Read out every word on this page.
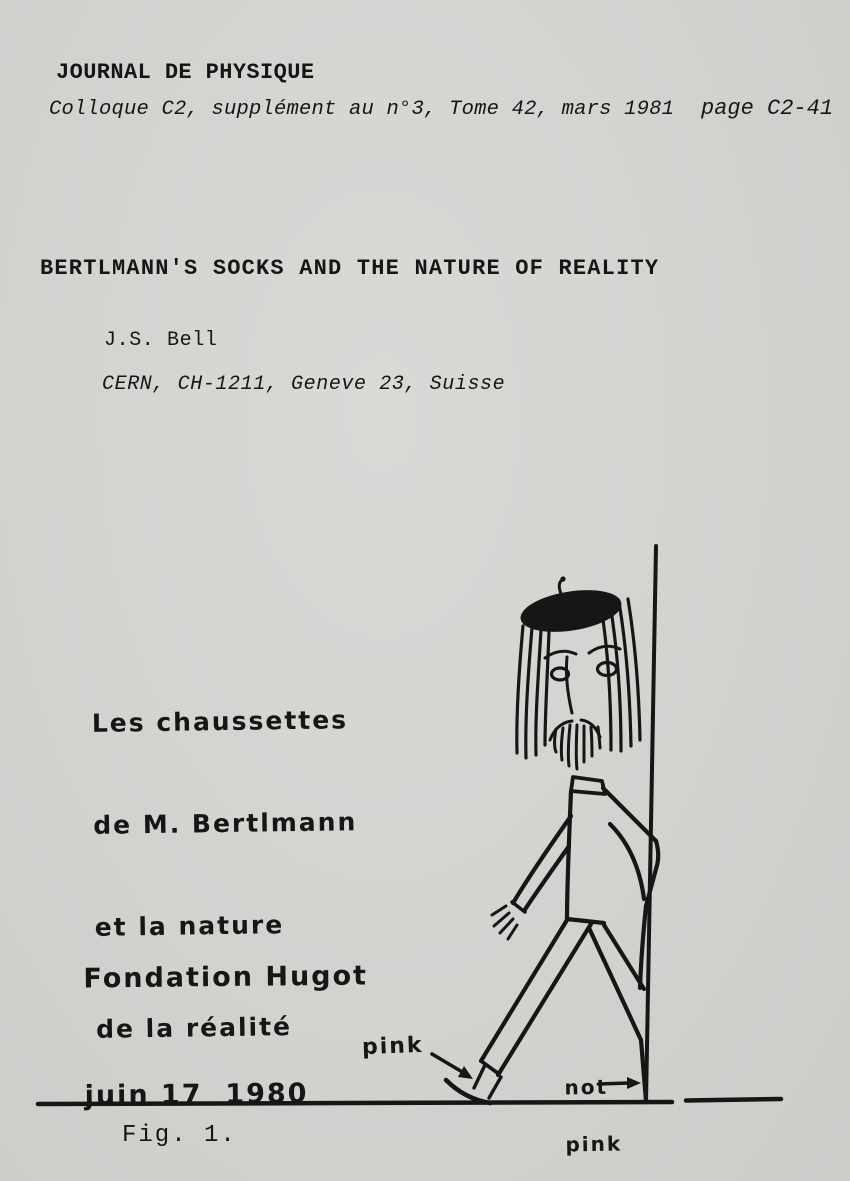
JOURNAL DE PHYSIQUE
Colloque C2, supplément au n°3, Tome 42, mars 1981 page C2-41
BERTLMANN'S SOCKS AND THE NATURE OF REALITY
J.S. Bell
CERN, CH-1211, Geneve 23, Suisse

Les chaussettes

de M. Bertlmann

et la nature

de la réalité

Fondation Hugot

juin 17  1980

pink

not

pink

Fig. 1.
